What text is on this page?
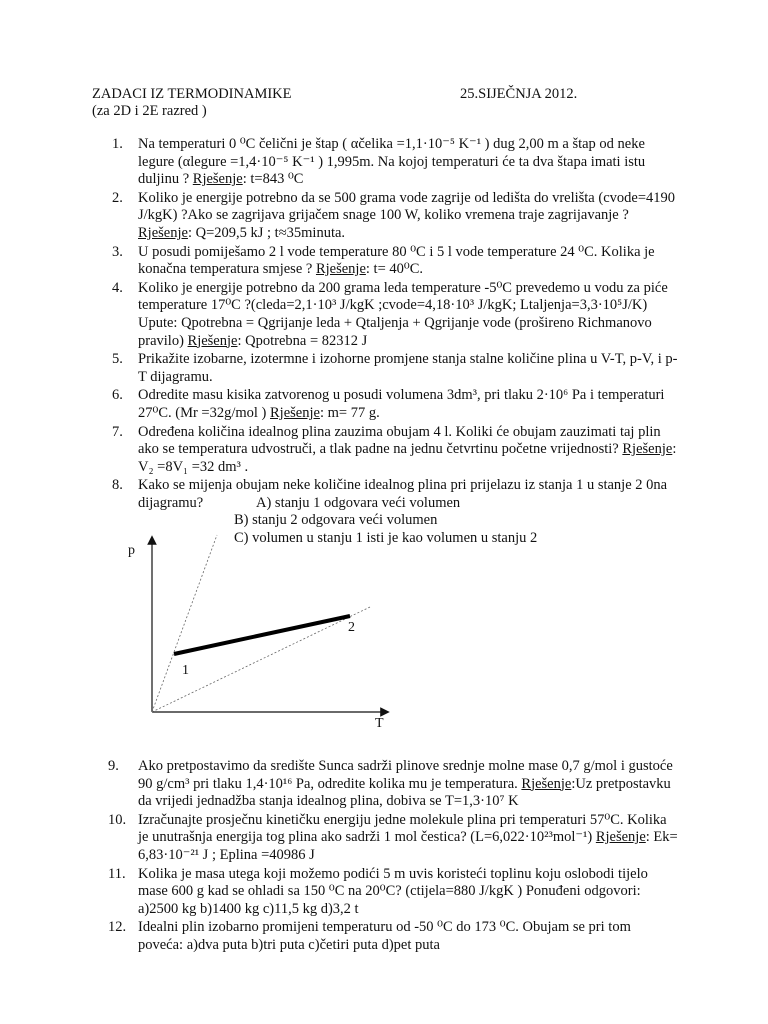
ZADACI IZ TERMODINAMIKE	25.SIJEČNJA 2012.
(za 2D i 2E razred )
1. Na temperaturi 0 ⁰C čelični je štap ( αčelika =1,1·10⁻⁵ K⁻¹ ) dug 2,00 m a štap od neke legure (αlegure =1,4·10⁻⁵ K⁻¹ ) 1,995m. Na kojoj temperaturi će ta dva štapa imati istu duljinu ? Rješenje: t=843 ⁰C
2. Koliko je energije potrebno da se 500 grama vode zagrije od ledišta do vrelišta (cvode=4190 J/kgK) ?Ako se zagrijava grijačem snage 100 W, koliko vremena traje zagrijavanje ? Rješenje: Q=209,5 kJ ; t≈35minuta.
3. U posudi pomiješamo 2 l vode temperature 80 ⁰C i 5 l vode temperature 24 ⁰C. Kolika je konačna temperatura smjese ? Rješenje: t= 40⁰C.
4. Koliko je energije potrebno da 200 grama leda temperature -5⁰C prevedemo u vodu za piće temperature 17⁰C ?(cleda=2,1·10³ J/kgK ;cvode=4,18·10³ J/kgK; Ltaljenja=3,3·10⁵J/K) Upute: Qpotrebna = Qgrijanje leda + Qtaljenja + Qgrijanje vode (prošireno Richmanovo pravilo) Rješenje: Qpotrebna = 82312 J
5. Prikažite izobarne, izotermne i izohorne promjene stanja stalne količine plina u V-T, p-V, i p-T dijagramu.
6. Odredite masu kisika zatvorenog u posudi volumena 3dm³, pri tlaku 2·10⁶ Pa i temperaturi 27⁰C. (Mr =32g/mol ) Rješenje: m= 77 g.
7. Određena količina idealnog plina zauzima obujam 4 l. Koliki će obujam zauzimati taj plin ako se temperatura udvostruči, a tlak padne na jednu četvrtinu početne vrijednosti? Rješenje: V₂ =8V₁ =32 dm³ .
8. Kako se mijenja obujam neke količine idealnog plina pri prijelazu iz stanja 1 u stanje 2 0na dijagramu?	A) stanju 1 odgovara veći volumen
B) stanju 2 odgovara veći volumen
C) volumen u stanju 1 isti je kao volumen u stanju 2
p
T
1
2
9. Ako pretpostavimo da središte Sunca sadrži plinove srednje molne mase 0,7 g/mol i gustoće 90 g/cm³ pri tlaku 1,4·10¹⁶ Pa, odredite kolika mu je temperatura. Rješenje:Uz pretpostavku da vrijedi jednadžba stanja idealnog plina, dobiva se T=1,3·10⁷ K
10. Izračunajte prosječnu kinetičku energiju jedne molekule plina pri temperaturi 57⁰C. Kolika je unutrašnja energija tog plina ako sadrži 1 mol čestica? (L=6,022·10²³mol⁻¹) Rješenje: Ek= 6,83·10⁻²¹ J ; Eplina =40986 J
11. Kolika je masa utega koji možemo podići 5 m uvis koristeći toplinu koju oslobodi tijelo mase 600 g kad se ohladi sa 150 ⁰C na 20⁰C? (ctijela=880 J/kgK ) Ponuđeni odgovori: a)2500 kg b)1400 kg c)11,5 kg d)3,2 t
12. Idealni plin izobarno promijeni temperaturu od -50 ⁰C do 173 ⁰C. Obujam se pri tom poveća: a)dva puta b)tri puta c)četiri puta d)pet puta
